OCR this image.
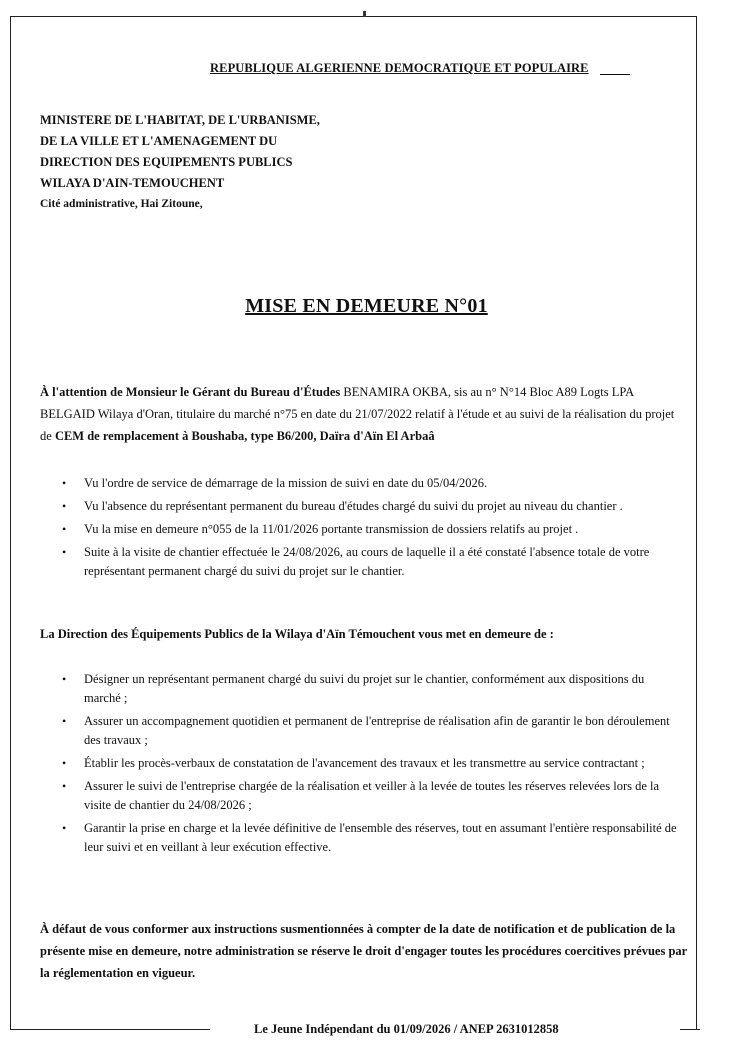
REPUBLIQUE ALGERIENNE DEMOCRATIQUE ET POPULAIRE
MINISTERE DE L'HABITAT, DE L'URBANISME,
DE LA VILLE ET L'AMENAGEMENT DU
DIRECTION DES EQUIPEMENTS PUBLICS
WILAYA D'AIN-TEMOUCHENT
Cité administrative, Hai Zitoune,
MISE EN DEMEURE N°01
À l'attention de Monsieur le Gérant du Bureau d'Études BENAMIRA OKBA, sis au n° N°14 Bloc A89 Logts LPA BELGAID Wilaya d'Oran, titulaire du marché n°75 en date du 21/07/2022 relatif à l'étude et au suivi de la réalisation du projet de CEM de remplacement à Boushaba, type B6/200, Daïra d'Aïn El Arbaâ
• Vu l'ordre de service de démarrage de la mission de suivi en date du 05/04/2026.
• Vu l'absence du représentant permanent du bureau d'études chargé du suivi du projet au niveau du chantier .
• Vu la mise en demeure n°055 de la 11/01/2026 portante transmission de dossiers relatifs au projet .
• Suite à la visite de chantier effectuée le 24/08/2026, au cours de laquelle il a été constaté l'absence totale de votre représentant permanent chargé du suivi du projet sur le chantier.
La Direction des Équipements Publics de la Wilaya d'Aïn Témouchent vous met en demeure de :
• Désigner un représentant permanent chargé du suivi du projet sur le chantier, conformément aux dispositions du marché ;
• Assurer un accompagnement quotidien et permanent de l'entreprise de réalisation afin de garantir le bon déroulement des travaux ;
• Établir les procès-verbaux de constatation de l'avancement des travaux et les transmettre au service contractant ;
• Assurer le suivi de l'entreprise chargée de la réalisation et veiller à la levée de toutes les réserves relevées lors de la visite de chantier du 24/08/2026 ;
• Garantir la prise en charge et la levée définitive de l'ensemble des réserves, tout en assumant l'entière responsabilité de leur suivi et en veillant à leur exécution effective.
À défaut de vous conformer aux instructions susmentionnées à compter de la date de notification et de publication de la présente mise en demeure, notre administration se réserve le droit d'engager toutes les procédures coercitives prévues par la réglementation en vigueur.
Le Jeune Indépendant du 01/09/2026 / ANEP 2631012858
